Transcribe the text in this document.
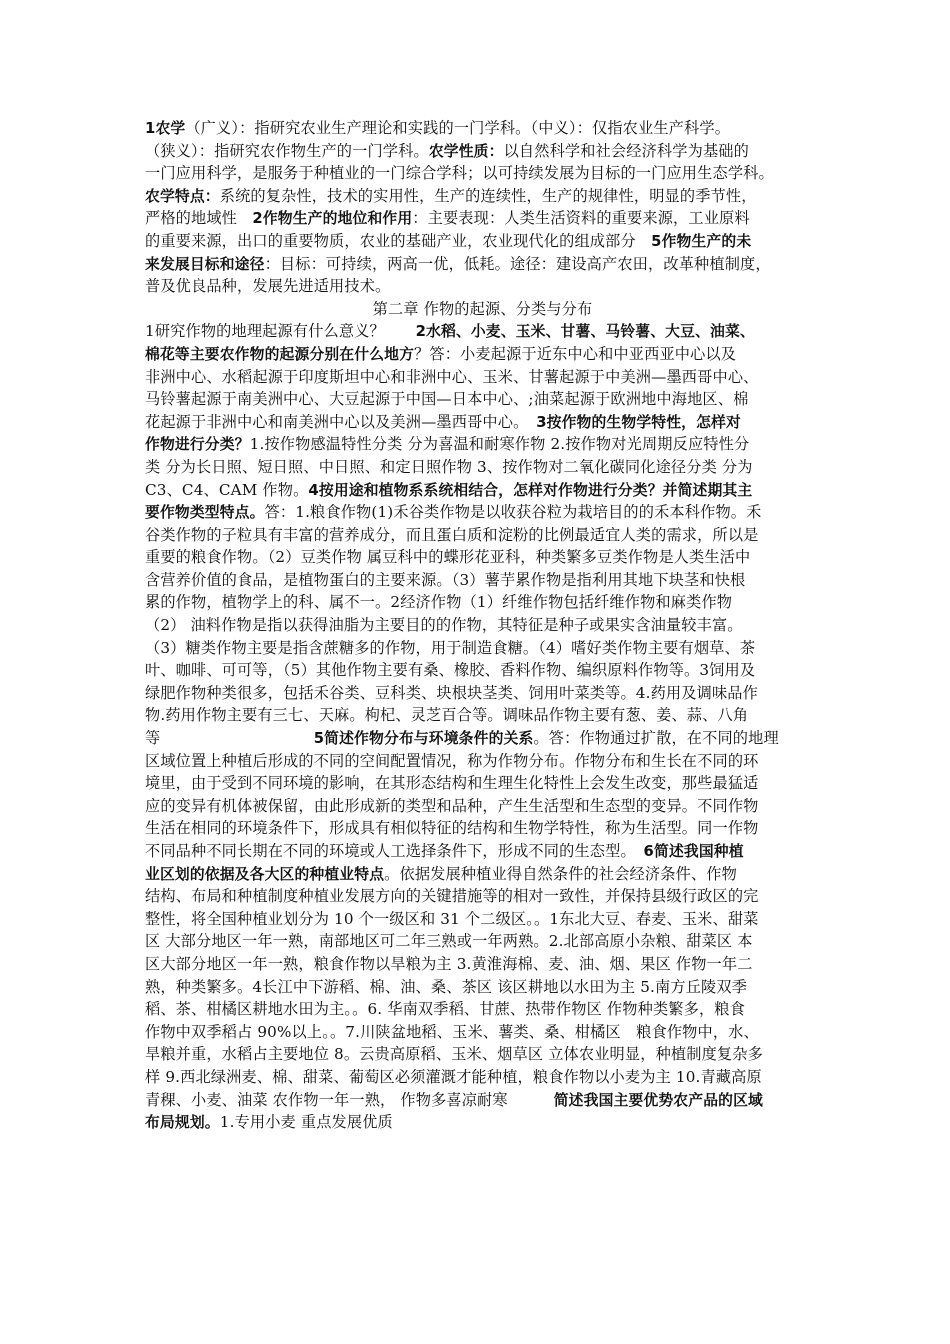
1农学（广义）：指研究农业生产理论和实践的一门学科。（中义）：仅指农业生产科学。
（狭义）：指研究农作物生产的一门学科。农学性质：以自然科学和社会经济科学为基础的
一门应用科学，是服务于种植业的一门综合学科；以可持续发展为目标的一门应用生态学科。
农学特点：系统的复杂性，技术的实用性，生产的连续性，生产的规律性，明显的季节性，
严格的地域性　2作物生产的地位和作用：主要表现：人类生活资料的重要来源，工业原料
的重要来源，出口的重要物质，农业的基础产业，农业现代化的组成部分　5作物生产的未
来发展目标和途径：目标：可持续，两高一优，低耗。途径：建设高产农田，改革种植制度，
普及优良品种，发展先进适用技术。
第二章 作物的起源、分类与分布
1研究作物的地理起源有什么意义？　　2水稻、小麦、玉米、甘薯、马铃薯、大豆、油菜、
棉花等主要农作物的起源分别在什么地方？答：小麦起源于近东中心和中亚西亚中心以及
非洲中心、水稻起源于印度斯坦中心和非洲中心、玉米、甘薯起源于中美洲—墨西哥中心、
马铃薯起源于南美洲中心、大豆起源于中国—日本中心、;油菜起源于欧洲地中海地区、棉
花起源于非洲中心和南美洲中心以及美洲—墨西哥中心。　3按作物的生物学特性，怎样对
作物进行分类？1.按作物感温特性分类 分为喜温和耐寒作物 2.按作物对光周期反应特性分
类 分为长日照、短日照、中日照、和定日照作物 3、按作物对二氧化碳同化途径分类 分为
C3、C4、CAM 作物。4按用途和植物系系统相结合，怎样对作物进行分类？并简述期其主
要作物类型特点。答：1.粮食作物(1)禾谷类作物是以收获谷粒为栽培目的的禾本科作物。禾
谷类作物的子粒具有丰富的营养成分，而且蛋白质和淀粉的比例最适宜人类的需求，所以是
重要的粮食作物。（2）豆类作物 属豆科中的蝶形花亚科，种类繁多豆类作物是人类生活中
含营养价值的食品，是植物蛋白的主要来源。（3）薯芋累作物是指利用其地下块茎和快根
累的作物，植物学上的科、属不一。2经济作物（1）纤维作物包括纤维作物和麻类作物
（2） 油料作物是指以获得油脂为主要目的的作物，其特征是种子或果实含油量较丰富。
（3）糖类作物主要是指含蔗糖多的作物，用于制造食糖。（4）嗜好类作物主要有烟草、茶
叶、咖啡、可可等，（5）其他作物主要有桑、橡胶、香料作物、编织原料作物等。3饲用及
绿肥作物种类很多，包括禾谷类、豆科类、块根块茎类、饲用叶菜类等。4.药用及调味品作
物.药用作物主要有三七、天麻。枸杞、灵芝百合等。调味品作物主要有葱、姜、蒜、八角
等　　　　　　　　　　5简述作物分布与环境条件的关系。答：作物通过扩散，在不同的地理
区域位置上种植后形成的不同的空间配置情况，称为作物分布。作物分布和生长在不同的环
境里，由于受到不同环境的影响，在其形态结构和生理生化特性上会发生改变，那些最猛适
应的变异有机体被保留，由此形成新的类型和品种，产生生活型和生态型的变异。不同作物
生活在相同的环境条件下，形成具有相似特征的结构和生物学特性，称为生活型。同一作物
不同品种不同长期在不同的环境或人工选择条件下，形成不同的生态型。　6简述我国种植
业区划的依据及各大区的种植业特点。依据发展种植业得自然条件的社会经济条件、作物
结构、布局和种植制度种植业发展方向的关键措施等的相对一致性，并保持县级行政区的完
整性，将全国种植业划分为 10 个一级区和 31 个二级区。。1东北大豆、春麦、玉米、甜菜
区 大部分地区一年一熟，南部地区可二年三熟或一年两熟。2.北部高原小杂粮、甜菜区 本
区大部分地区一年一熟，粮食作物以旱粮为主 3.黄淮海棉、麦、油、烟、果区 作物一年二
熟，种类繁多。4长江中下游稻、棉、油、桑、茶区 该区耕地以水田为主 5.南方丘陵双季
稻、茶、柑橘区耕地水田为主。。6. 华南双季稻、甘蔗、热带作物区 作物种类繁多，粮食
作物中双季稻占 90%以上。。7.川陕盆地稻、玉米、薯类、桑、柑橘区　粮食作物中，水、
旱粮并重，水稻占主要地位 8。云贵高原稻、玉米、烟草区 立体农业明显，种植制度复杂多
样 9.西北绿洲麦、棉、甜菜、葡萄区必须灌溉才能种植，粮食作物以小麦为主 10.青藏高原
青稞、小麦、油菜 农作物一年一熟， 作物多喜凉耐寒　　　简述我国主要优势农产品的区域
布局规划。1.专用小麦 重点发展优质
